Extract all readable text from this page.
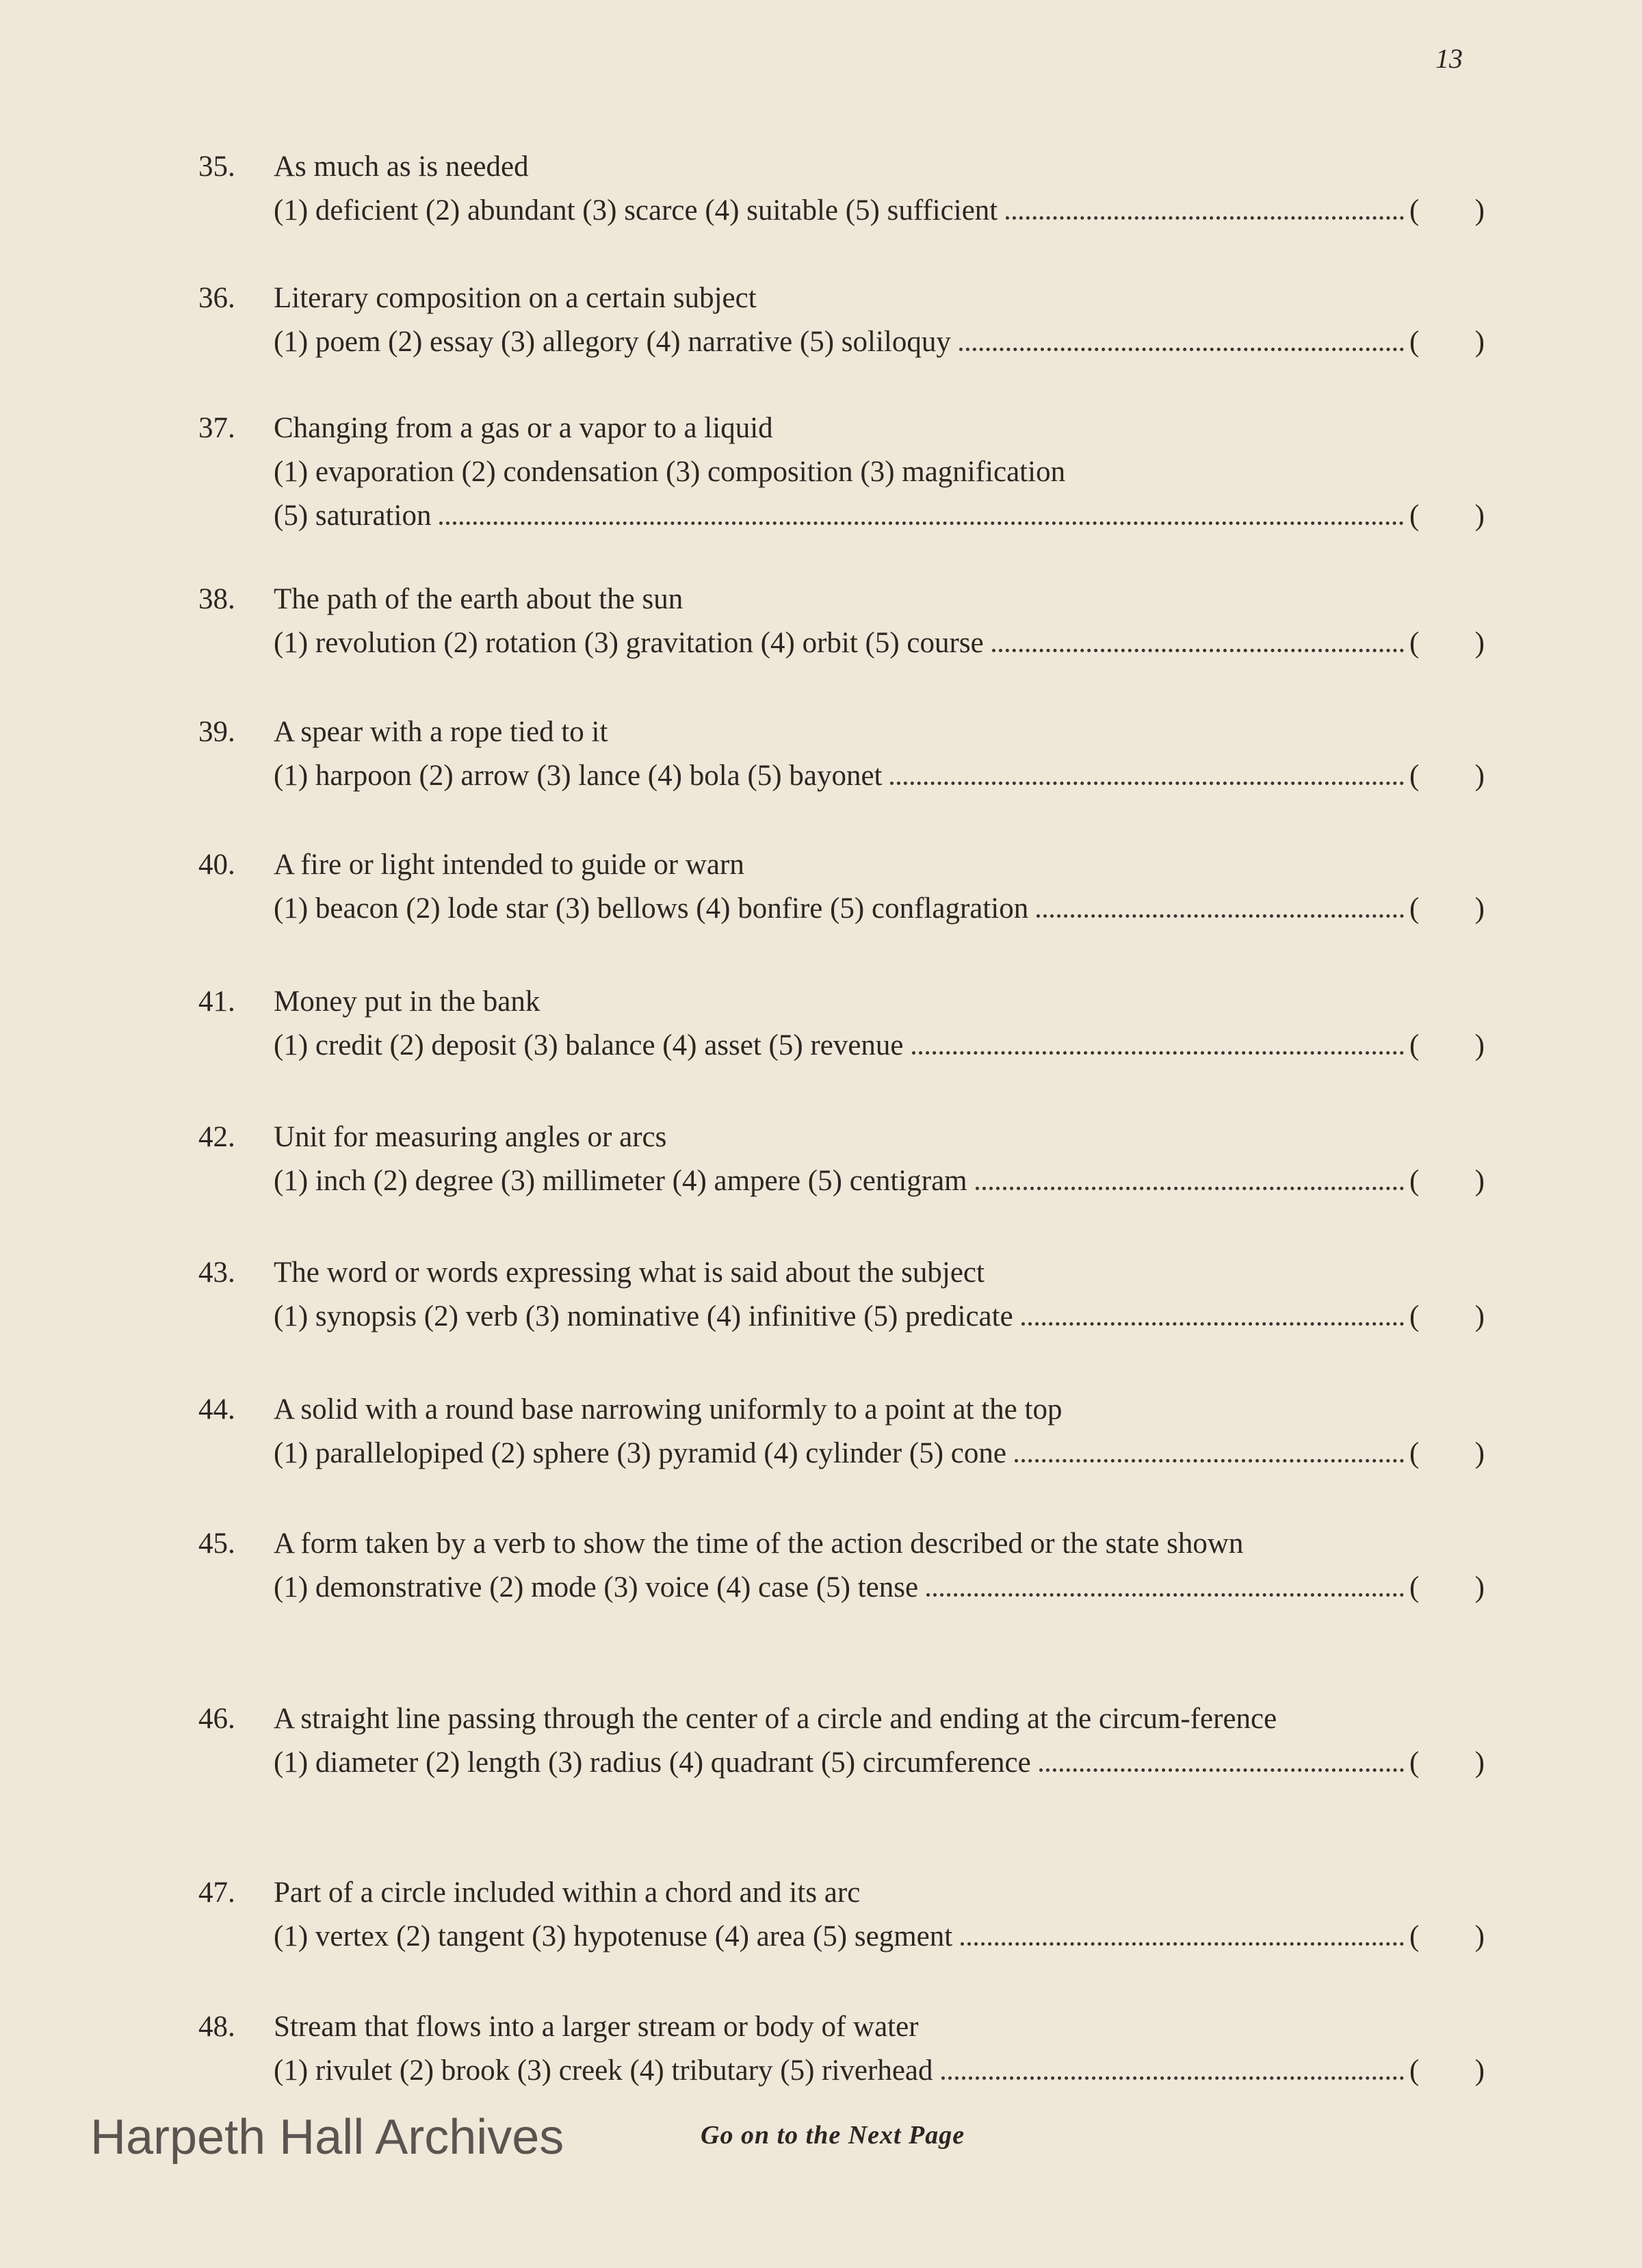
13
35.	As much as is needed
(1) deficient (2) abundant (3) scarce (4) suitable (5) sufficient	( )
36.	Literary composition on a certain subject
(1) poem (2) essay (3) allegory (4) narrative (5) soliloquy	( )
37.	Changing from a gas or a vapor to a liquid
(1) evaporation (2) condensation (3) composition (3) magnification
(5) saturation	( )
38.	The path of the earth about the sun
(1) revolution (2) rotation (3) gravitation (4) orbit (5) course	( )
39.	A spear with a rope tied to it
(1) harpoon (2) arrow (3) lance (4) bola (5) bayonet	( )
40.	A fire or light intended to guide or warn
(1) beacon (2) lode star (3) bellows (4) bonfire (5) conflagration	( )
41.	Money put in the bank
(1) credit (2) deposit (3) balance (4) asset (5) revenue	( )
42.	Unit for measuring angles or arcs
(1) inch (2) degree (3) millimeter (4) ampere (5) centigram	( )
43.	The word or words expressing what is said about the subject
(1) synopsis (2) verb (3) nominative (4) infinitive (5) predicate	( )
44.	A solid with a round base narrowing uniformly to a point at the top
(1) parallelopiped (2) sphere (3) pyramid (4) cylinder (5) cone	( )
45.	A form taken by a verb to show the time of the action described or the state shown
(1) demonstrative (2) mode (3) voice (4) case (5) tense	( )
46.	A straight line passing through the center of a circle and ending at the circum-ference
(1) diameter (2) length (3) radius (4) quadrant (5) circumference	( )
47.	Part of a circle included within a chord and its arc
(1) vertex (2) tangent (3) hypotenuse (4) area (5) segment	( )
48.	Stream that flows into a larger stream or body of water
(1) rivulet (2) brook (3) creek (4) tributary (5) riverhead	( )
Go on to the Next Page
Harpeth Hall Archives
